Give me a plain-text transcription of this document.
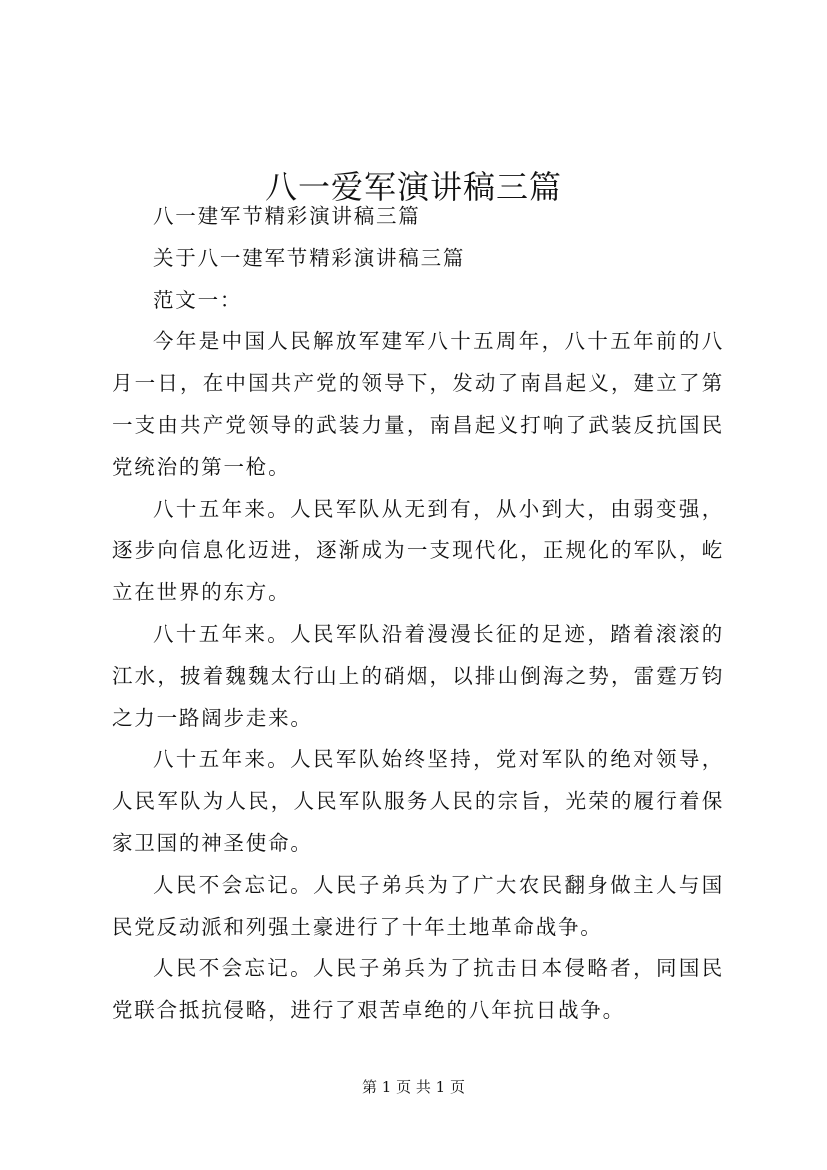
八一爱军演讲稿三篇

八一建军节精彩演讲稿三篇

关于八一建军节精彩演讲稿三篇

范文一：

今年是中国人民解放军建军八十五周年，八十五年前的八月一日，在中国共产党的领导下，发动了南昌起义，建立了第一支由共产党领导的武装力量，南昌起义打响了武装反抗国民党统治的第一枪。

八十五年来。人民军队从无到有，从小到大，由弱变强，逐步向信息化迈进，逐渐成为一支现代化，正规化的军队，屹立在世界的东方。

八十五年来。人民军队沿着漫漫长征的足迹，踏着滚滚的江水，披着魏魏太行山上的硝烟，以排山倒海之势，雷霆万钧之力一路阔步走来。

八十五年来。人民军队始终坚持，党对军队的绝对领导，人民军队为人民，人民军队服务人民的宗旨，光荣的履行着保家卫国的神圣使命。

人民不会忘记。人民子弟兵为了广大农民翻身做主人与国民党反动派和列强土豪进行了十年土地革命战争。

人民不会忘记。人民子弟兵为了抗击日本侵略者，同国民党联合抵抗侵略，进行了艰苦卓绝的八年抗日战争。

第 1 页 共 1 页
